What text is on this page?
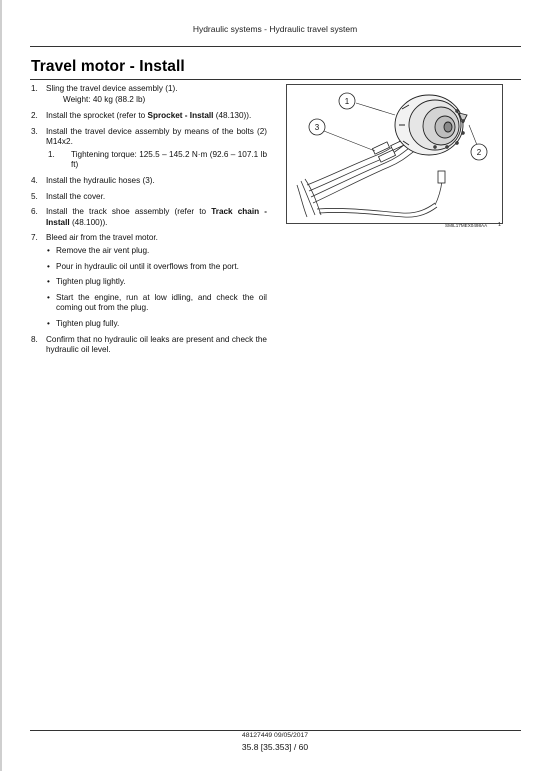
Hydraulic systems - Hydraulic travel system
Travel motor - Install
1. Sling the travel device assembly (1).
Weight: 40 kg (88.2 lb)
2. Install the sprocket (refer to Sprocket - Install (48.130)).
3. Install the travel device assembly by means of the bolts (2) M14x2.
1. Tightening torque: 125.5 – 145.2 N·m (92.6 – 107.1 lb ft)
4. Install the hydraulic hoses (3).
5. Install the cover.
6. Install the track shoe assembly (refer to Track chain - Install (48.100)).
7. Bleed air from the travel motor.
• Remove the air vent plug.
• Pour in hydraulic oil until it overflows from the port.
• Tighten plug lightly.
• Start the engine, run at low idling, and check the oil coming out from the plug.
• Tighten plug fully.
8. Confirm that no hydraulic oil leaks are present and check the hydraulic oil level.
1
3
2
SMIL17MEX0498AA 1
48127449 09/05/2017
35.8 [35.353] / 60
